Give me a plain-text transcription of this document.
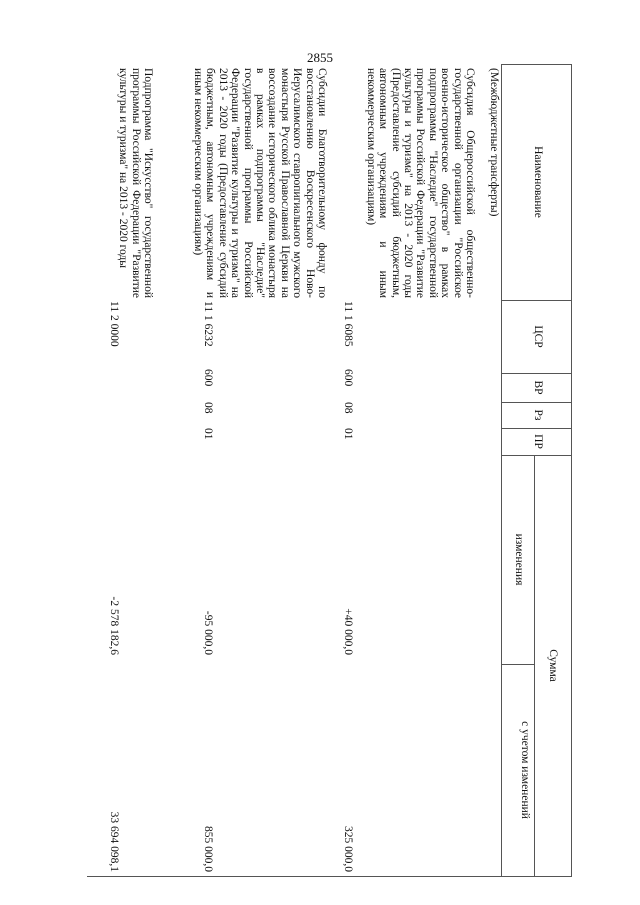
2855
Наименование
ЦСР
ВР
Рз
ПР
Сумма
изменения
с учетом изменений
(Межбюджетные трансферты)
Субсидия Общероссийской общественно-государственной организации "Российское военно-историческое общество" в рамках подпрограммы "Наследие" государственной программы Российской Федерации "Развитие культуры и туризма" на 2013 - 2020 годы (Предоставление субсидий бюджетным, автономным учреждениям и иным некоммерческим организациям)
11 1 6085
600
08
01
+40 000,0
325 000,0
Субсидии Благотворительному фонду по восстановлению Воскресенского Ново-Иерусалимского ставропигиального мужского монастыря Русской Православной Церкви на воссоздание исторического облика монастыря в рамках подпрограммы "Наследие" государственной программы Российской Федерации "Развитие культуры и туризма" на 2013 - 2020 годы (Предоставление субсидий бюджетным, автономным учреждениям и иным некоммерческим организациям)
11 1 6232
600
08
01
-95 000,0
855 000,0
Подпрограмма "Искусство" государственной программы Российской Федерации "Развитие культуры и туризма" на 2013 - 2020 годы
11 2 0000
-2 578 182,6
33 694 098,1
